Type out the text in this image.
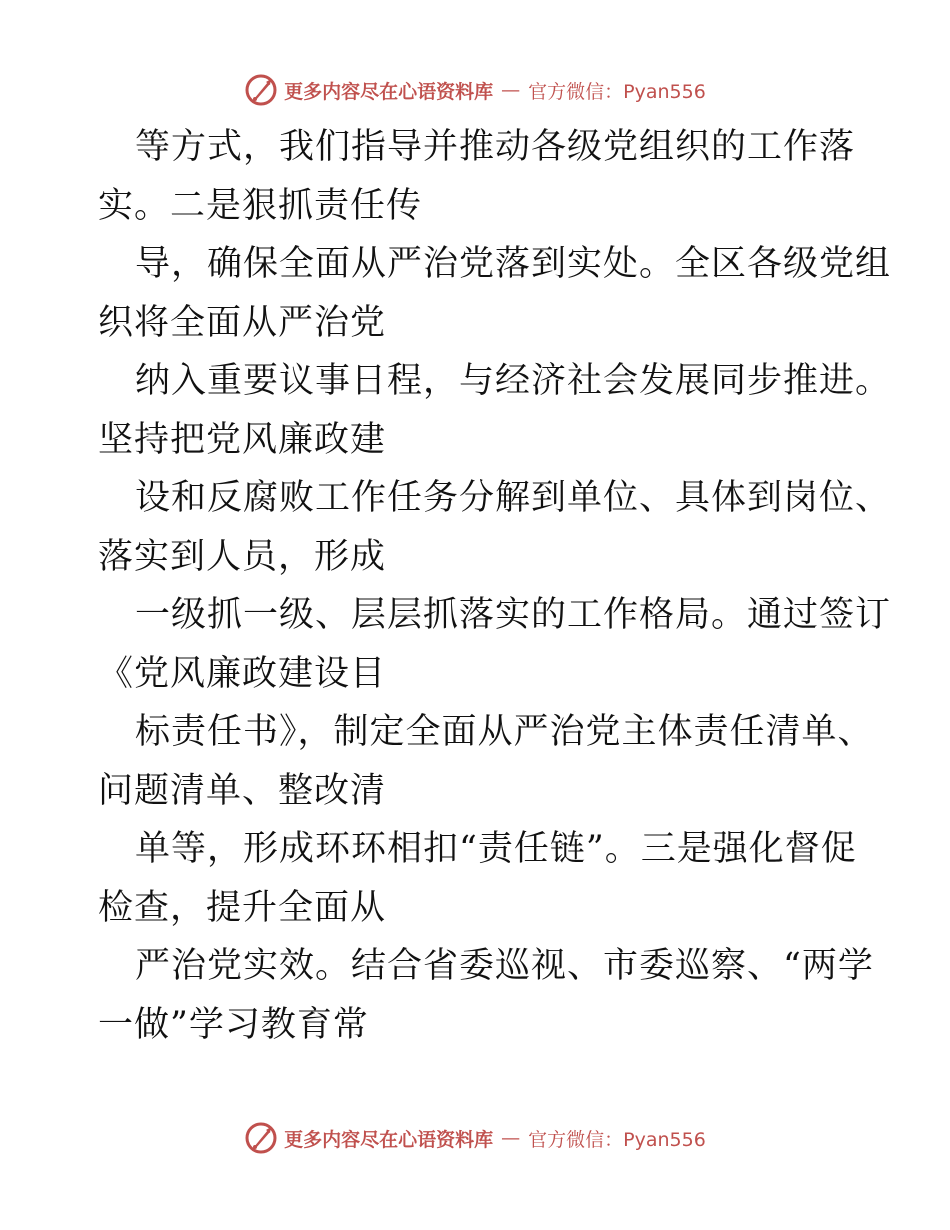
更多内容尽在心语资料库 — 官方微信：Pyan556
等方式，我们指导并推动各级党组织的工作落
实。二是狠抓责任传
导，确保全面从严治党落到实处。全区各级党组
织将全面从严治党
纳入重要议事日程，与经济社会发展同步推进。
坚持把党风廉政建
设和反腐败工作任务分解到单位、具体到岗位、
落实到人员，形成
一级抓一级、层层抓落实的工作格局。通过签订
《党风廉政建设目
标责任书》，制定全面从严治党主体责任清单、
问题清单、整改清
单等，形成环环相扣“责任链”。三是强化督促
检查，提升全面从
严治党实效。结合省委巡视、市委巡察、“两学
一做”学习教育常
更多内容尽在心语资料库 — 官方微信：Pyan556
